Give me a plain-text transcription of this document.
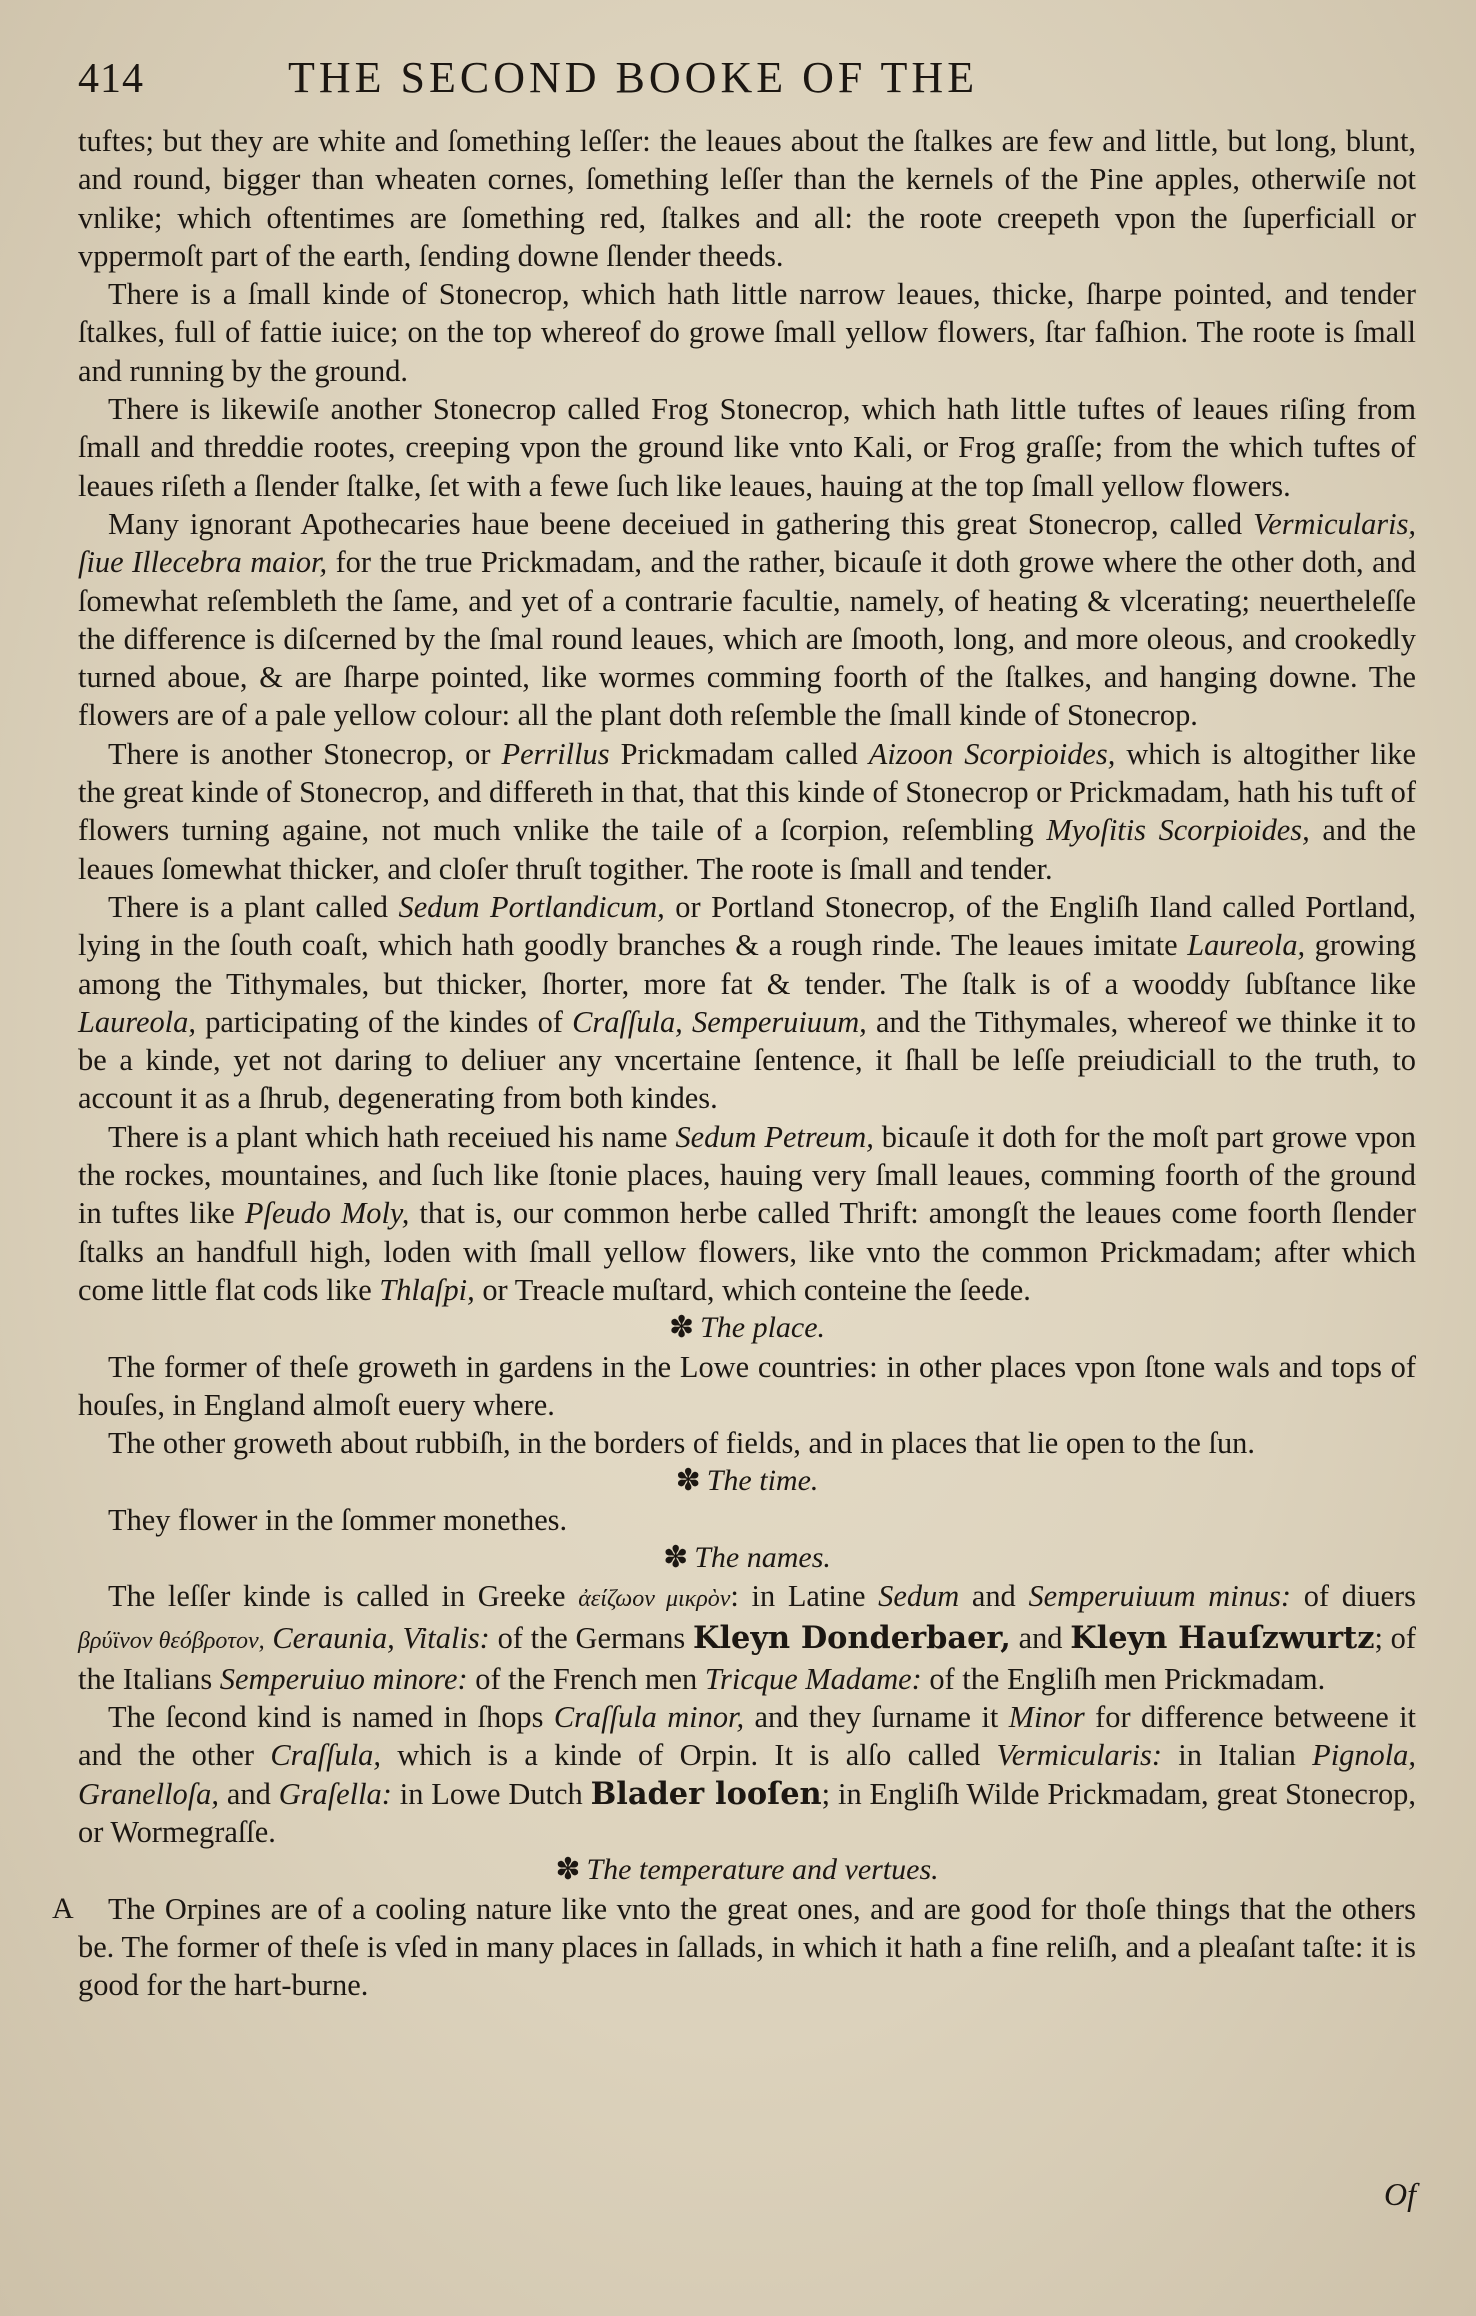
414	THE SECOND BOOKE OF THE

tuftes; but they are white and ſomething leſſer: the leaues about the ſtalkes are few and little, but long, blunt, and round, bigger than wheaten cornes, ſomething leſſer than the kernels of the Pine apples, otherwiſe not vnlike; which oftentimes are ſomething red, ſtalkes and all: the roote creepeth vpon the ſuperficiall or vppermoſt part of the earth, ſending downe ſlender theeds.

There is a ſmall kinde of Stonecrop, which hath little narrow leaues, thicke, ſharpe pointed, and tender ſtalkes, full of fattie iuice; on the top whereof do growe ſmall yellow flowers, ſtar faſhion. The roote is ſmall and running by the ground.

There is likewiſe another Stonecrop called Frog Stonecrop, which hath little tuftes of leaues riſing from ſmall and threddie rootes, creeping vpon the ground like vnto Kali, or Frog graſſe; from the which tuftes of leaues riſeth a ſlender ſtalke, ſet with a fewe ſuch like leaues, hauing at the top ſmall yellow flowers.

Many ignorant Apothecaries haue beene deceiued in gathering this great Stonecrop, called Vermicularis, ſiue Illecebra maior, for the true Prickmadam, and the rather, bicauſe it doth growe where the other doth, and ſomewhat reſembleth the ſame, and yet of a contrarie facultie, namely, of heating & vlcerating; neuertheleſſe the difference is diſcerned by the ſmal round leaues, which are ſmooth, long, and more oleous, and crookedly turned aboue, & are ſharpe pointed, like wormes comming foorth of the ſtalkes, and hanging downe. The flowers are of a pale yellow colour: all the plant doth reſemble the ſmall kinde of Stonecrop.

There is another Stonecrop, or Perrillus Prickmadam called Aizoon Scorpioides, which is altogither like the great kinde of Stonecrop, and differeth in that, that this kinde of Stonecrop or Prickmadam, hath his tuft of flowers turning againe, not much vnlike the taile of a ſcorpion, reſembling Myoſitis Scorpioides, and the leaues ſomewhat thicker, and cloſer thruſt togither. The roote is ſmall and tender.

There is a plant called Sedum Portlandicum, or Portland Stonecrop, of the Engliſh Iland called Portland, lying in the ſouth coaſt, which hath goodly branches & a rough rinde. The leaues imitate Laureola, growing among the Tithymales, but thicker, ſhorter, more fat & tender. The ſtalk is of a wooddy ſubſtance like Laureola, participating of the kindes of Craſſula, Semperuiuum, and the Tithymales, whereof we thinke it to be a kinde, yet not daring to deliuer any vncertaine ſentence, it ſhall be leſſe preiudiciall to the truth, to account it as a ſhrub, degenerating from both kindes.

There is a plant which hath receiued his name Sedum Petreum, bicauſe it doth for the moſt part growe vpon the rockes, mountaines, and ſuch like ſtonie places, hauing very ſmall leaues, comming foorth of the ground in tuftes like Pſeudo Moly, that is, our common herbe called Thrift: amongſt the leaues come foorth ſlender ſtalks an handfull high, loden with ſmall yellow flowers, like vnto the common Prickmadam; after which come little flat cods like Thlaſpi, or Treacle muſtard, which conteine the ſeede.

✽ The place.

The former of theſe groweth in gardens in the Lowe countries: in other places vpon ſtone wals and tops of houſes, in England almoſt euery where.

The other groweth about rubbiſh, in the borders of fields, and in places that lie open to the ſun.

✽ The time.

They flower in the ſommer monethes.

✽ The names.

The leſſer kinde is called in Greeke ἀείζωον μικρὸν: in Latine Sedum and Semperuiuum minus: of diuers βρύϊνον θεόβροτον, Ceraunia, Vitalis: of the Germans Kleyn Donderbaer, and Kleyn Hauſzwurtz; of the Italians Semperuiuo minore: of the French men Tricque Madame: of the Engliſh men Prickmadam.

The ſecond kind is named in ſhops Craſſula minor, and they ſurname it Minor for difference betweene it and the other Craſſula, which is a kinde of Orpin. It is alſo called Vermicularis: in Italian Pignola, Granelloſa, and Graſella: in Lowe Dutch Blader looſen; in Engliſh Wilde Prickmadam, great Stonecrop, or Wormegraſſe.

✽ The temperature and vertues.

A The Orpines are of a cooling nature like vnto the great ones, and are good for thoſe things that the others be. The former of theſe is vſed in many places in ſallads, in which it hath a fine reliſh, and a pleaſant taſte: it is good for the hart-burne.

Of
